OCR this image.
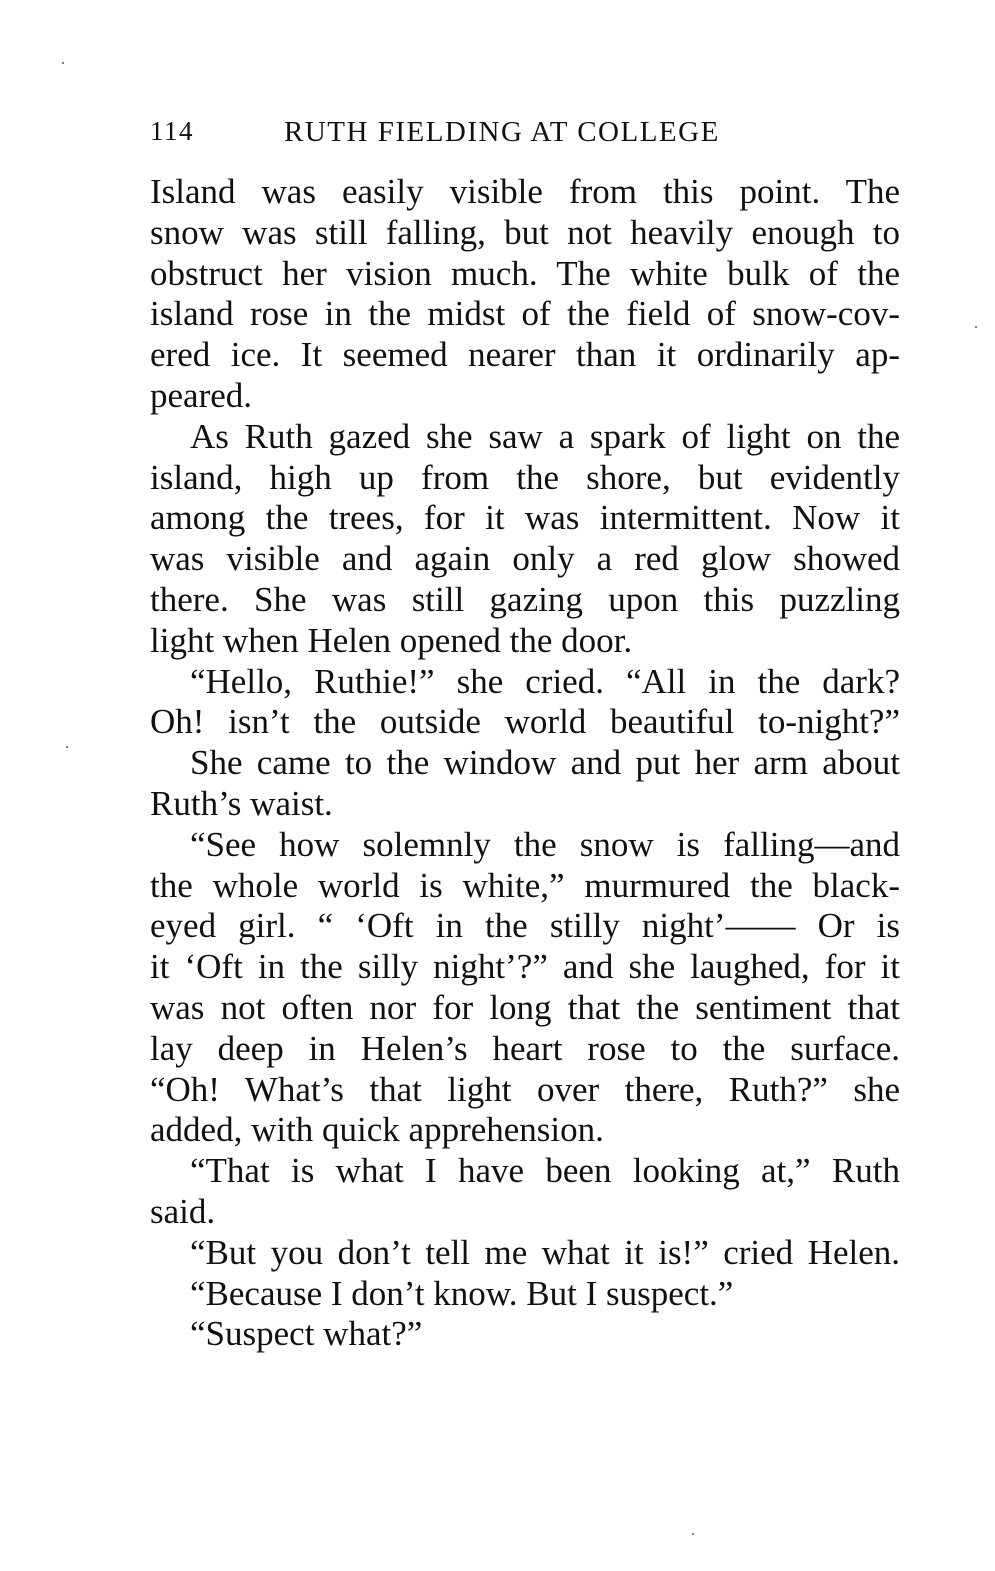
114	RUTH FIELDING AT COLLEGE
Island was easily visible from this point. The
snow was still falling, but not heavily enough to
obstruct her vision much. The white bulk of the
island rose in the midst of the field of snow-cov-
ered ice. It seemed nearer than it ordinarily ap-
peared.
As Ruth gazed she saw a spark of light on the
island, high up from the shore, but evidently
among the trees, for it was intermittent. Now it
was visible and again only a red glow showed
there. She was still gazing upon this puzzling
light when Helen opened the door.
“Hello, Ruthie!” she cried. “All in the dark?
Oh! isn’t the outside world beautiful to-night?”
She came to the window and put her arm about
Ruth’s waist.
“See how solemnly the snow is falling—and
the whole world is white,” murmured the black-
eyed girl. “ ‘Oft in the stilly night’—— Or is
it ‘Oft in the silly night’?” and she laughed, for it
was not often nor for long that the sentiment that
lay deep in Helen’s heart rose to the surface.
“Oh! What’s that light over there, Ruth?” she
added, with quick apprehension.
“That is what I have been looking at,” Ruth
said.
“But you don’t tell me what it is!” cried Helen.
“Because I don’t know. But I suspect.”
“Suspect what?”
